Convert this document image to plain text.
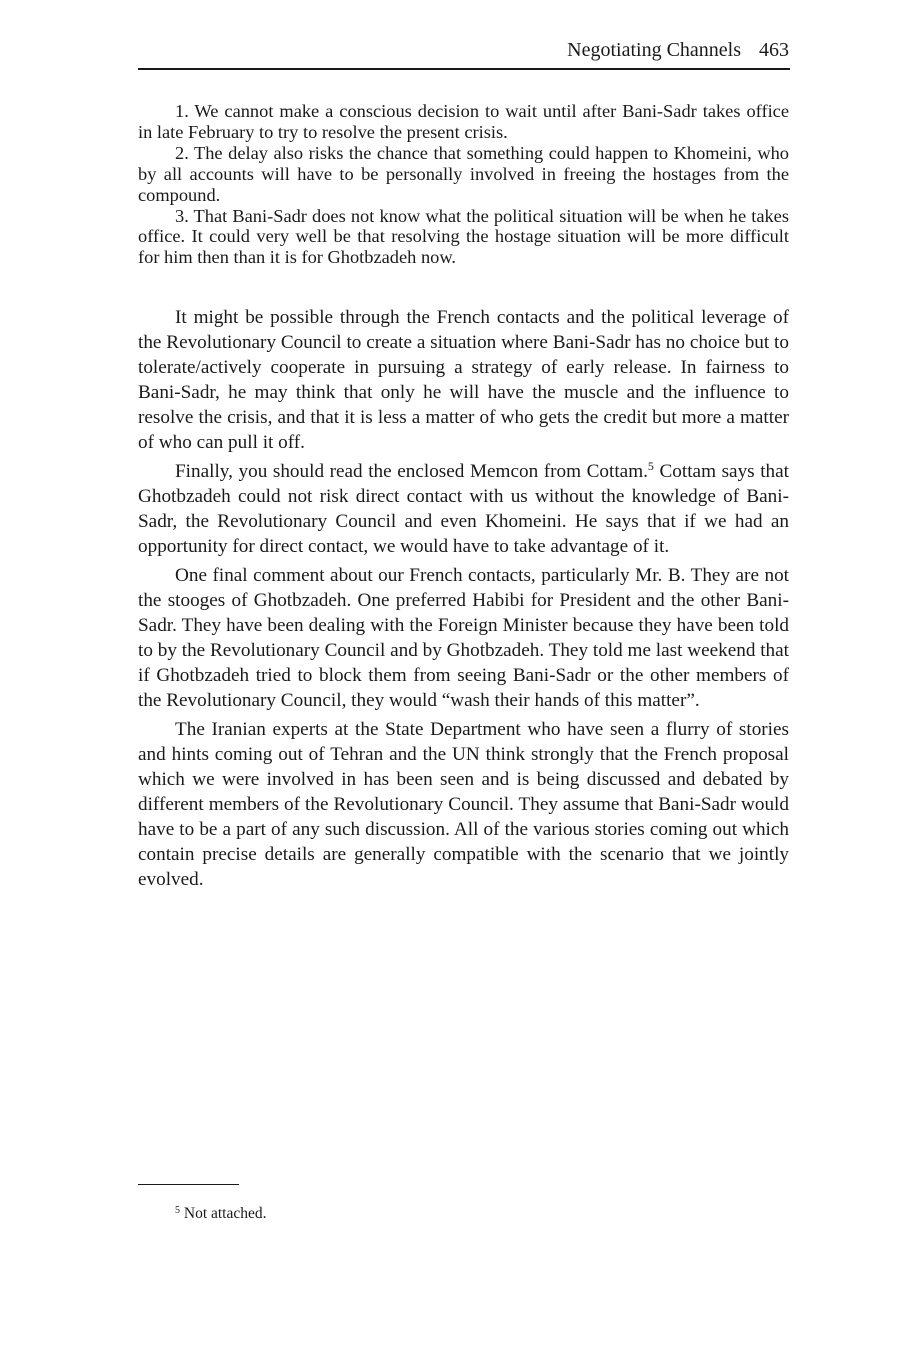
Negotiating Channels 463

1. We cannot make a conscious decision to wait until after Bani-Sadr takes office in late February to try to resolve the present crisis.

2. The delay also risks the chance that something could happen to Khomeini, who by all accounts will have to be personally involved in freeing the hostages from the compound.

3. That Bani-Sadr does not know what the political situation will be when he takes office. It could very well be that resolving the hostage situation will be more difficult for him then than it is for Ghotbzadeh now.

It might be possible through the French contacts and the political leverage of the Revolutionary Council to create a situation where Bani-Sadr has no choice but to tolerate/actively cooperate in pursuing a strategy of early release. In fairness to Bani-Sadr, he may think that only he will have the muscle and the influence to resolve the crisis, and that it is less a matter of who gets the credit but more a matter of who can pull it off.

Finally, you should read the enclosed Memcon from Cottam.$^5$ Cottam says that Ghotbzadeh could not risk direct contact with us without the knowledge of Bani-Sadr, the Revolutionary Council and even Khomeini. He says that if we had an opportunity for direct contact, we would have to take advantage of it.

One final comment about our French contacts, particularly Mr. B. They are not the stooges of Ghotbzadeh. One preferred Habibi for President and the other Bani-Sadr. They have been dealing with the Foreign Minister because they have been told to by the Revolutionary Council and by Ghotbzadeh. They told me last weekend that if Ghotbzadeh tried to block them from seeing Bani-Sadr or the other members of the Revolutionary Council, they would “wash their hands of this matter”.

The Iranian experts at the State Department who have seen a flurry of stories and hints coming out of Tehran and the UN think strongly that the French proposal which we were involved in has been seen and is being discussed and debated by different members of the Revolutionary Council. They assume that Bani-Sadr would have to be a part of any such discussion. All of the various stories coming out which contain precise details are generally compatible with the scenario that we jointly evolved.

$^5$ Not attached.
